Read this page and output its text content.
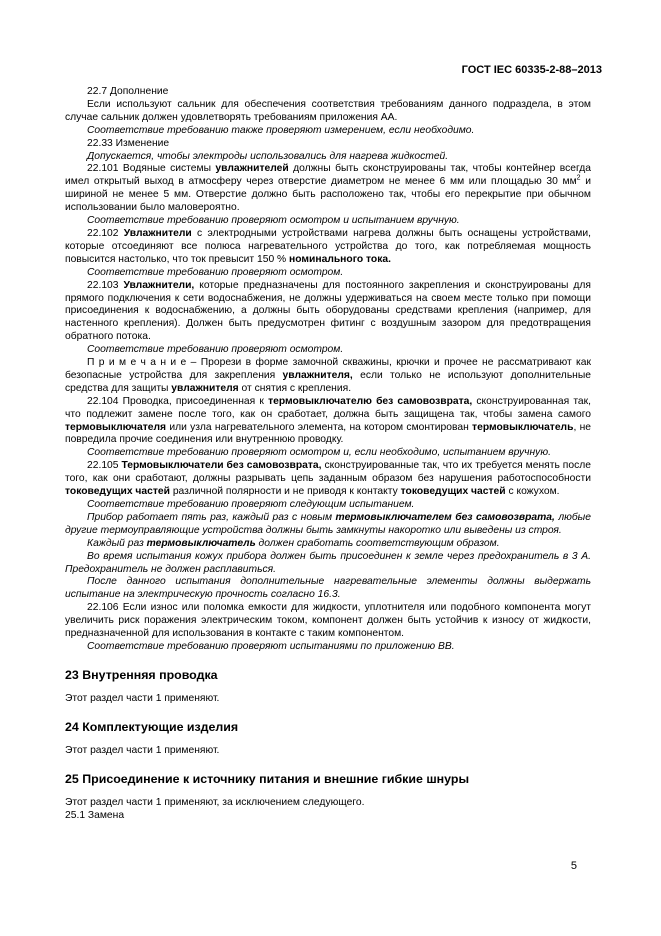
ГОСТ IEC 60335-2-88–2013

22.7 Дополнение

Если используют сальник для обеспечения соответствия требованиям данного подраздела, в этом случае сальник должен удовлетворять требованиям приложения АА.

Соответствие требованию также проверяют измерением, если необходимо.

22.33 Изменение

Допускается, чтобы электроды использовались для нагрева жидкостей.

22.101 Водяные системы увлажнителей должны быть сконструированы так, чтобы контейнер всегда имел открытый выход в атмосферу через отверстие диаметром не менее 6 мм или площадью 30 $мм^2$ и шириной не менее 5 мм. Отверстие должно быть расположено так, чтобы его перекрытие при обычном использовании было маловероятно.

Соответствие требованию проверяют осмотром и испытанием вручную.

22.102 Увлажнители с электродными устройствами нагрева должны быть оснащены устройствами, которые отсоединяют все полюса нагревательного устройства до того, как потребляемая мощность повысится настолько, что ток превысит 150 % номинального тока.

Соответствие требованию проверяют осмотром.

22.103 Увлажнители, которые предназначены для постоянного закрепления и сконструированы для прямого подключения к сети водоснабжения, не должны удерживаться на своем месте только при помощи присоединения к водоснабжению, а должны быть оборудованы средствами крепления (например, для настенного крепления). Должен быть предусмотрен фитинг с воздушным зазором для предотвращения обратного потока.

Соответствие требованию проверяют осмотром.

П р и м е ч а н и е – Прорези в форме замочной скважины, крючки и прочее не рассматривают как безопасные устройства для закрепления увлажнителя, если только не используют дополнительные средства для защиты увлажнителя от снятия с крепления.

22.104 Проводка, присоединенная к термовыключателю без самовозврата, сконструированная так, что подлежит замене после того, как он сработает, должна быть защищена так, чтобы замена самого термовыключателя или узла нагревательного элемента, на котором смонтирован термовыключатель, не повредила прочие соединения или внутреннюю проводку.

Соответствие требованию проверяют осмотром и, если необходимо, испытанием вручную.

22.105 Термовыключатели без самовозврата, сконструированные так, что их требуется менять после того, как они сработают, должны разрывать цепь заданным образом без нарушения работоспособности токоведущих частей различной полярности и не приводя к контакту токоведущих частей с кожухом.

Соответствие требованию проверяют следующим испытанием.

Прибор работает пять раз, каждый раз с новым термовыключателем без самовозврата, любые другие термоуправляющие устройства должны быть замкнуты накоротко или выведены из строя.

Каждый раз термовыключатель должен сработать соответствующим образом.

Во время испытания кожух прибора должен быть присоединен к земле через предохранитель в 3 А. Предохранитель не должен расплавиться.

После данного испытания дополнительные нагревательные элементы должны выдержать испытание на электрическую прочность согласно 16.3.

22.106 Если износ или поломка емкости для жидкости, уплотнителя или подобного компонента могут увеличить риск поражения электрическим током, компонент должен быть устойчив к износу от жидкости, предназначенной для использования в контакте с таким компонентом.

Соответствие требованию проверяют испытаниями по приложению ВВ.

23 Внутренняя проводка

Этот раздел части 1 применяют.

24 Комплектующие изделия

Этот раздел части 1 применяют.

25 Присоединение к источнику питания и внешние гибкие шнуры

Этот раздел части 1 применяют, за исключением следующего.

25.1 Замена

5
